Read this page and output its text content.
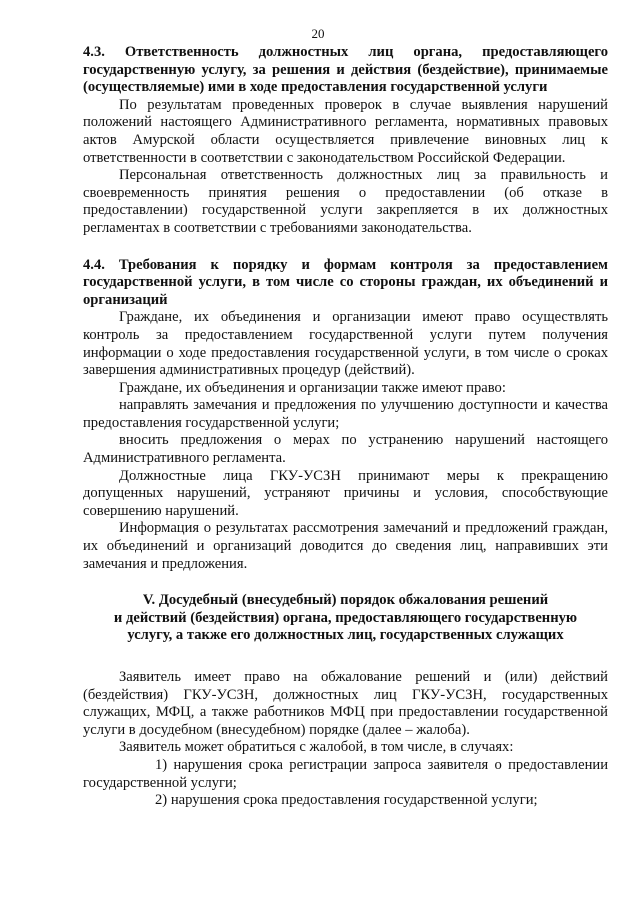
20

4.3. Ответственность должностных лиц органа, предоставляющего государственную услугу, за решения и действия (бездействие), принимаемые (осуществляемые) ими в ходе предоставления государственной услуги

По результатам проведенных проверок в случае выявления нарушений положений настоящего Административного регламента, нормативных правовых актов Амурской области осуществляется привлечение виновных лиц к ответственности в соответствии с законодательством Российской Федерации.

Персональная ответственность должностных лиц за правильность и своевременность принятия решения о предоставлении (об отказе в предоставлении) государственной услуги закрепляется в их должностных регламентах в соответствии с требованиями законодательства.

4.4. Требования к порядку и формам контроля за предоставлением государственной услуги, в том числе со стороны граждан, их объединений и организаций

Граждане, их объединения и организации имеют право осуществлять контроль за предоставлением государственной услуги путем получения информации о ходе предоставления государственной услуги, в том числе о сроках завершения административных процедур (действий).

Граждане, их объединения и организации также имеют право:

направлять замечания и предложения по улучшению доступности и качества предоставления государственной услуги;

вносить предложения о мерах по устранению нарушений настоящего Административного регламента.

Должностные лица ГКУ-УСЗН принимают меры к прекращению допущенных нарушений, устраняют причины и условия, способствующие совершению нарушений.

Информация о результатах рассмотрения замечаний и предложений граждан, их объединений и организаций доводится до сведения лиц, направивших эти замечания и предложения.

V. Досудебный (внесудебный) порядок обжалования решений
и действий (бездействия) органа, предоставляющего государственную
услугу, а также его должностных лиц, государственных служащих

Заявитель имеет право на обжалование решений и (или) действий (бездействия) ГКУ-УСЗН, должностных лиц ГКУ-УСЗН, государственных служащих, МФЦ, а также работников МФЦ при предоставлении государственной услуги в досудебном (внесудебном) порядке (далее – жалоба).

Заявитель может обратиться с жалобой, в том числе, в случаях:

1) нарушения срока регистрации запроса заявителя о предоставлении государственной услуги;

2) нарушения срока предоставления государственной услуги;
